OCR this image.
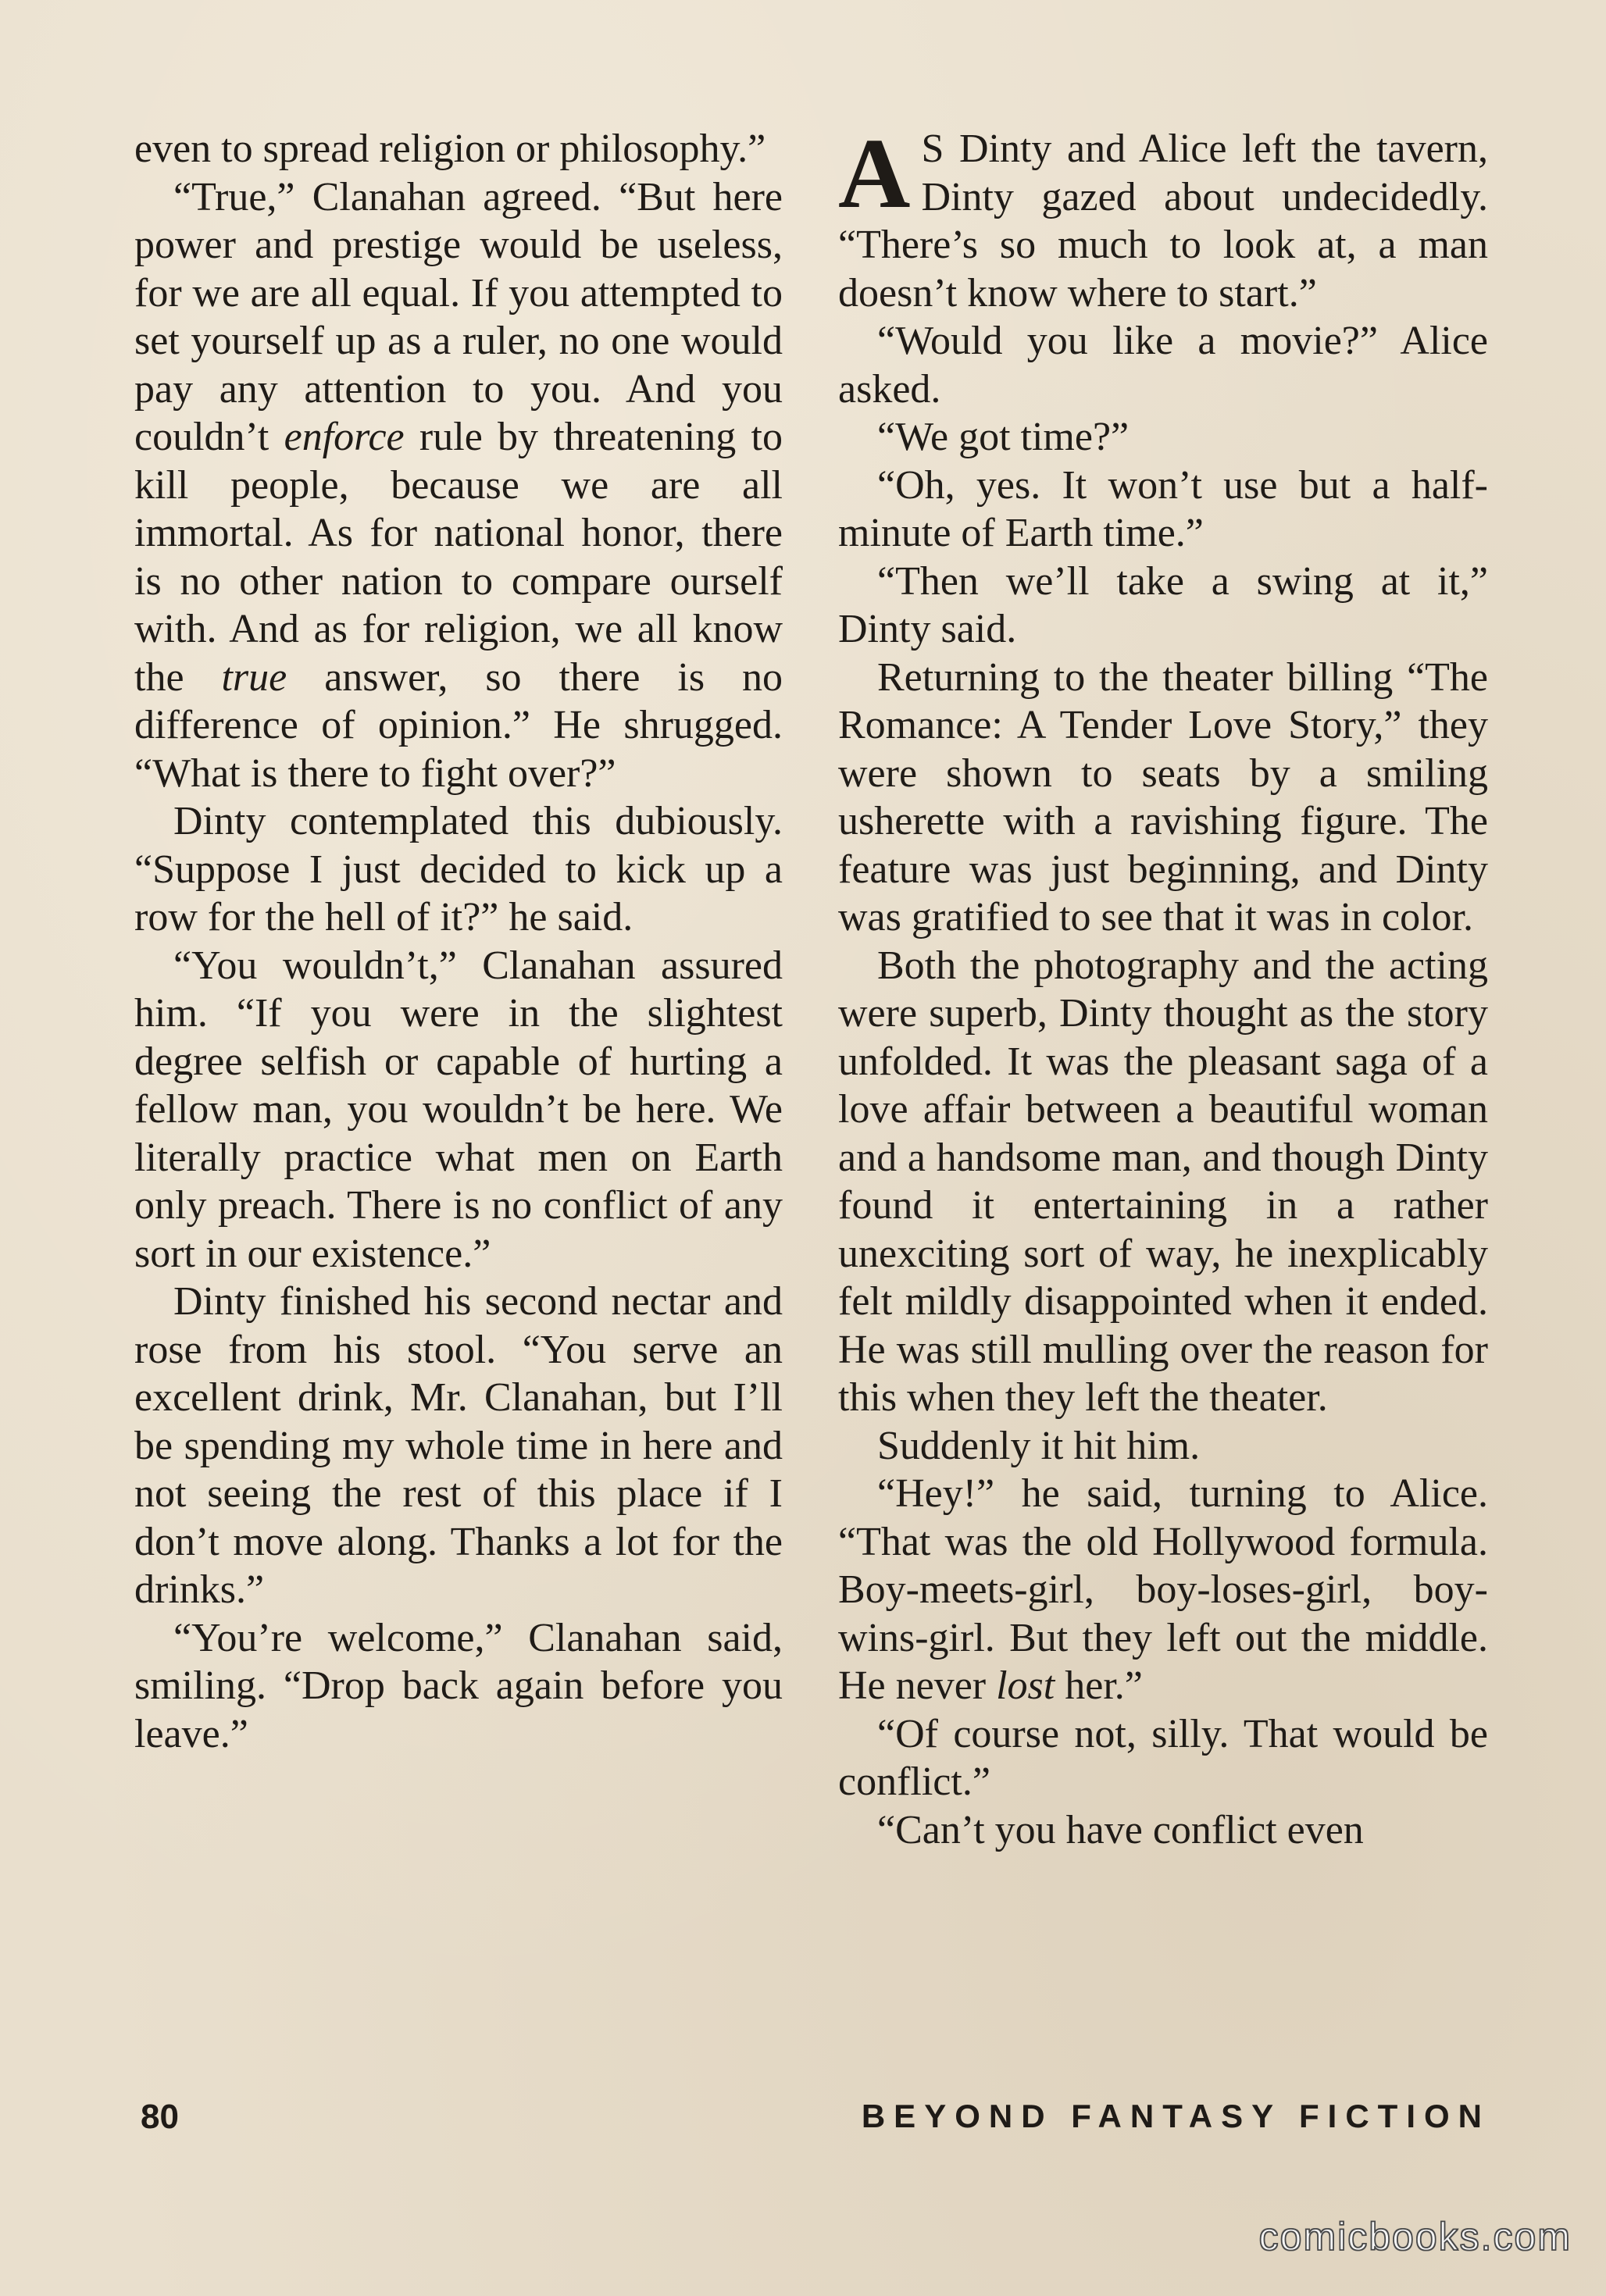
even to spread religion or philosophy.”

“True,” Clanahan agreed. “But here power and prestige would be useless, for we are all equal. If you attempted to set yourself up as a ruler, no one would pay any attention to you. And you couldn’t enforce rule by threatening to kill people, because we are all immortal. As for national honor, there is no other nation to compare ourself with. And as for religion, we all know the true answer, so there is no difference of opinion.” He shrugged. “What is there to fight over?”

Dinty contemplated this dubiously. “Suppose I just decided to kick up a row for the hell of it?” he said.

“You wouldn’t,” Clanahan assured him. “If you were in the slightest degree selfish or capable of hurting a fellow man, you wouldn’t be here. We literally practice what men on Earth only preach. There is no conflict of any sort in our existence.”

Dinty finished his second nectar and rose from his stool. “You serve an excellent drink, Mr. Clanahan, but I’ll be spending my whole time in here and not seeing the rest of this place if I don’t move along. Thanks a lot for the drinks.”

“You’re welcome,” Clanahan said, smiling. “Drop back again before you leave.”

A S Dinty and Alice left the tavern, Dinty gazed about undecidedly. “There’s so much to look at, a man doesn’t know where to start.”

“Would you like a movie?” Alice asked.

“We got time?”

“Oh, yes. It won’t use but a half-minute of Earth time.”

“Then we’ll take a swing at it,” Dinty said.

Returning to the theater billing “The Romance: A Tender Love Story,” they were shown to seats by a smiling usherette with a ravishing figure. The feature was just beginning, and Dinty was gratified to see that it was in color.

Both the photography and the acting were superb, Dinty thought as the story unfolded. It was the pleasant saga of a love affair between a beautiful woman and a handsome man, and though Dinty found it entertaining in a rather unexciting sort of way, he inexplicably felt mildly disappointed when it ended. He was still mulling over the reason for this when they left the theater.

Suddenly it hit him.

“Hey!” he said, turning to Alice. “That was the old Hollywood formula. Boy-meets-girl, boy-loses-girl, boy-wins-girl. But they left out the middle. He never lost her.”

“Of course not, silly. That would be conflict.”

“Can’t you have conflict even

80	BEYOND FANTASY FICTION
comicbooks.com
